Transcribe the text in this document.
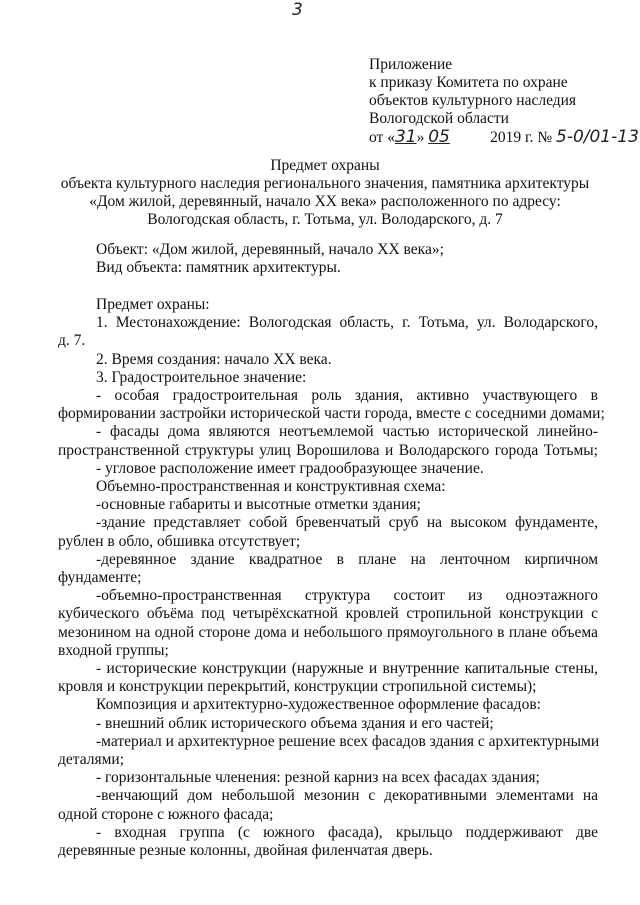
3
Приложение
к приказу Комитета по охране
объектов культурного наследия
Вологодской области
от «31» 05	2019 г. № 5-0/01-13
Предмет охраны
объекта культурного наследия регионального значения, памятника архитектуры
«Дом жилой, деревянный, начало XX века» расположенного по адресу:
Вологодская область, г. Тотьма, ул. Володарского, д. 7
Объект: «Дом жилой, деревянный, начало XX века»;
Вид объекта: памятник архитектуры.
Предмет охраны:
1. Местонахождение: Вологодская область, г. Тотьма, ул. Володарского,
д. 7.
2. Время создания: начало XX века.
3. Градостроительное значение:
- особая градостроительная роль здания, активно участвующего в
формировании застройки исторической части города, вместе с соседними домами;
- фасады дома являются неотъемлемой частью исторической линейно-
пространственной структуры улиц Ворошилова и Володарского города Тотьмы;
- угловое расположение имеет градообразующее значение.
Объемно-пространственная и конструктивная схема:
-основные габариты и высотные отметки здания;
-здание представляет собой бревенчатый сруб на высоком фундаменте,
рублен в обло, обшивка отсутствует;
-деревянное здание квадратное в плане на ленточном кирпичном
фундаменте;
-объемно-пространственная структура состоит из одноэтажного
кубического объёма под четырёхскатной кровлей стропильной конструкции с
мезонином на одной стороне дома и небольшого прямоугольного в плане объема
входной группы;
- исторические конструкции (наружные и внутренние капитальные стены,
кровля и конструкции перекрытий, конструкции стропильной системы);
Композиция и архитектурно-художественное оформление фасадов:
- внешний облик исторического объема здания и его частей;
-материал и архитектурное решение всех фасадов здания с архитектурными
деталями;
- горизонтальные членения: резной карниз на всех фасадах здания;
-венчающий дом небольшой мезонин с декоративными элементами на
одной стороне с южного фасада;
- входная группа (с южного фасада), крыльцо поддерживают две
деревянные резные колонны, двойная филенчатая дверь.
